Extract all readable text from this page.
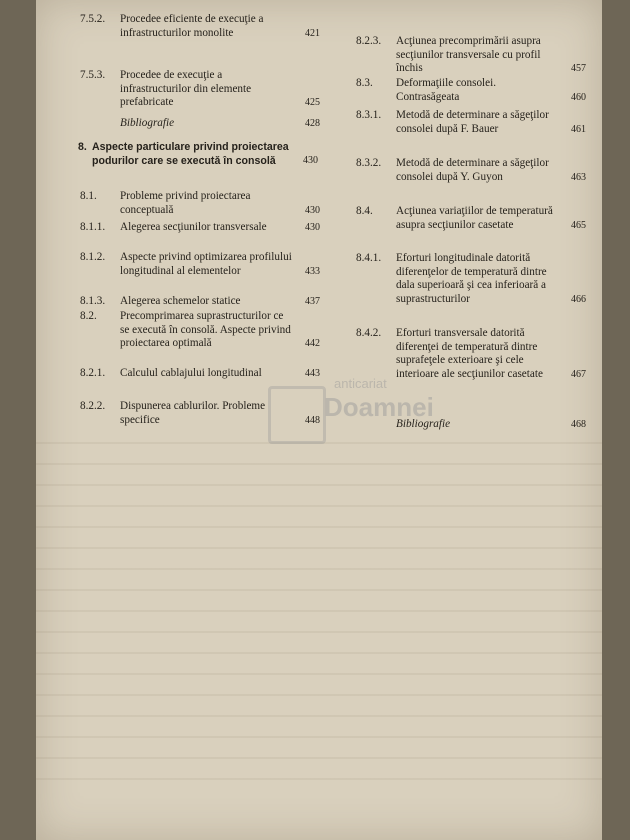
7.5.2.	Procedee eficiente de execuţie a infrastructurilor monolite	421
7.5.3.	Procedee de execuţie a infrastructurilor din elemente prefabricate	425
Bibliografie	428
8. Aspecte particulare privind proiectarea podurilor care se execută în consolă	430
8.1.	Probleme privind proiectarea conceptuală	430
8.1.1.	Alegerea secţiunilor transversale	430
8.1.2.	Aspecte privind optimizarea profilului longitudinal al elementelor	433
8.1.3.	Alegerea schemelor statice	437
8.2.	Precomprimarea suprastructurilor ce se execută în consolă. Aspecte privind proiectarea optimală	442
8.2.1.	Calculul cablajului longitudinal	443
8.2.2.	Dispunerea cablurilor. Probleme specifice	448
8.2.3.	Acţiunea precomprimării asupra secţiunilor transversale cu profil închis	457
8.3.	Deformaţiile consolei. Contrasăgeata	460
8.3.1.	Metodă de determinare a săgeţilor consolei după F. Bauer	461
8.3.2.	Metodă de determinare a săgeţilor consolei după Y. Guyon	463
8.4.	Acţiunea variaţiilor de temperatură asupra secţiunilor casetate	465
8.4.1.	Eforturi longitudinale datorită diferenţelor de temperatură dintre dala superioară şi cea inferioară a suprastructurilor	466
8.4.2.	Eforturi transversale datorită diferenţei de temperatură dintre suprafeţele exterioare şi cele interioare ale secţiunilor casetate	467
Bibliografie	468
anticariat
Doamnei
